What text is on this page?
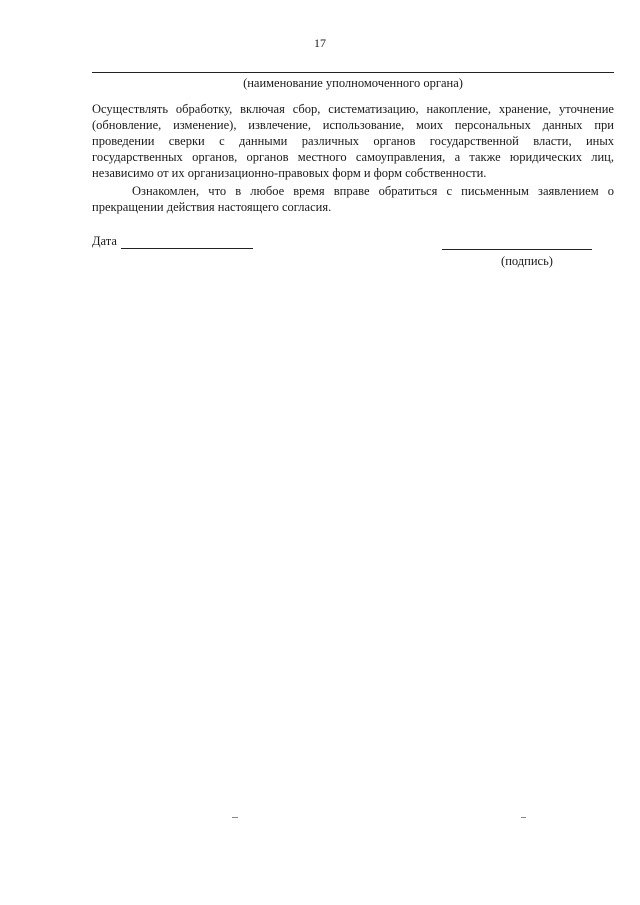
17
(наименование уполномоченного органа)

Осуществлять обработку, включая сбор, систематизацию, накопление, хранение, уточнение (обновление, изменение), извлечение, использование, моих персональных данных при проведении сверки с данными различных органов государственной власти, иных государственных органов, органов местного самоуправления, а также юридических лиц, независимо от их организационно-правовых форм и форм собственности.

Ознакомлен, что в любое время вправе обратиться с письменным заявлением о прекращении действия настоящего согласия.

Дата
(подпись)
